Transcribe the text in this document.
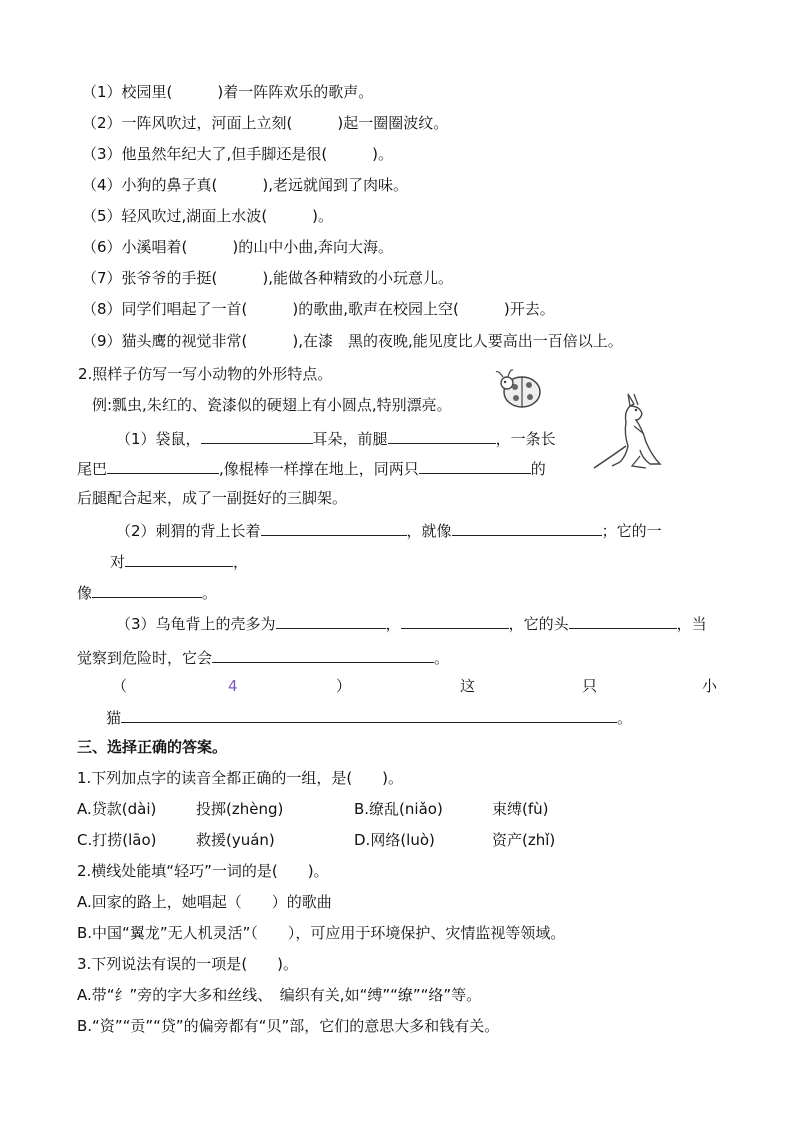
（1）校园里(　　　)着一阵阵欢乐的歌声。
（2）一阵风吹过，河面上立刻(　　　)起一圈圈波纹。
（3）他虽然年纪大了,但手脚还是很(　　　)。
（4）小狗的鼻子真(　　　),老远就闻到了肉味。
（5）轻风吹过,湖面上水波(　　　)。
（6）小溪唱着(　　　)的山中小曲,奔向大海。
（7）张爷爷的手挺(　　　),能做各种精致的小玩意儿。
（8）同学们唱起了一首(　　　)的歌曲,歌声在校园上空(　　　)开去。
（9）猫头鹰的视觉非常(　　　),在漆　黑的夜晚,能见度比人要高出一百倍以上。
2.照样子仿写一写小动物的外形特点。
例:瓢虫,朱红的、瓷漆似的硬翅上有小圆点,特别漂亮。
（1）袋鼠，	耳朵，前腿	，一条长
尾巴	,像棍棒一样撑在地上，同两只	的
后腿配合起来，成了一副挺好的三脚架。
（2）刺猬的背上长着	，就像	；它的一
对	，
像	。
（3）乌龟背上的壳多为	，	，它的头	，当
觉察到危险时，它会	。
（	4	）	这	只	小
猫	。
三、选择正确的答案。
1.下列加点字的读音全都正确的一组，是(　　)。
A.贷款(dài)	投掷(zhèng)	B.缭乱(niǎo)	束缚(fù)
C.打捞(lāo)	救援(yuán)	D.网络(luò)	资产(zhǐ)
2.横线处能填“轻巧”一词的是(　　)。
A.回家的路上，她唱起（　　）的歌曲
B.中国“翼龙”无人机灵活”（　　），可应用于环境保护、灾情监视等领域。
3.下列说法有误的一项是(　　)。
A.带“纟”旁的字大多和丝线、　编织有关,如“缚”“缭”“络”等。
B.“资”“贡”“贷”的偏旁都有“贝”部，它们的意思大多和钱有关。
